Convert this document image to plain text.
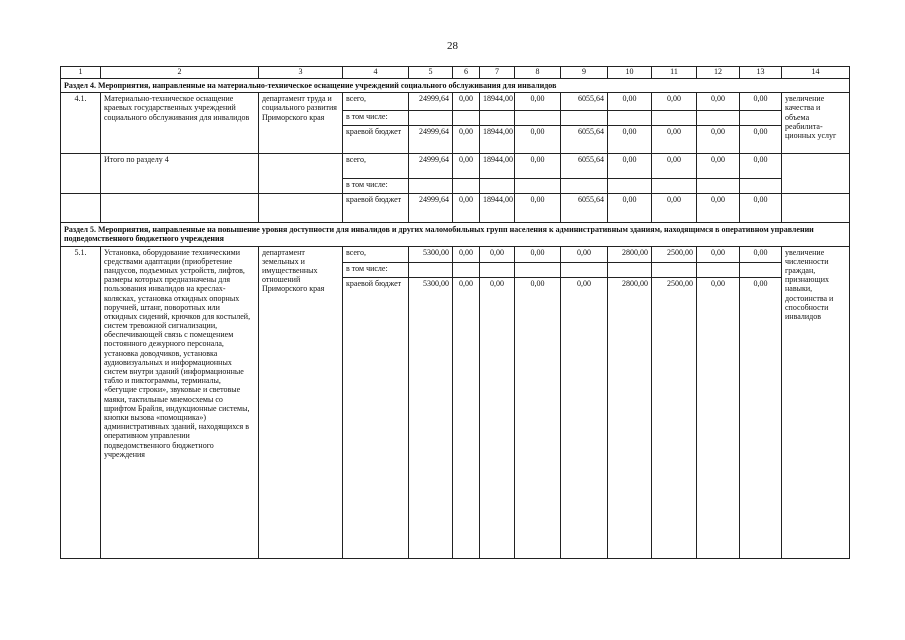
28
1	2	3	4	5	6	7	8	9	10	11	12	13	14
Раздел 4. Мероприятия, направленные на материально-техническое оснащение учреждений социального обслуживания для инвалидов													
4.1.	Материально-техническое оснащение краевых государственных учреждений социального обслуживания для инвалидов	департамент труда и социального развития Приморского края	всего,	24999,64	0,00	18944,00	0,00	6055,64	0,00	0,00	0,00	0,00	увеличение качества и объема реабилита-ционных услуг
			в том числе:										
			краевой бюджет	24999,64	0,00	18944,00	0,00	6055,64	0,00	0,00	0,00	0,00	
	Итого по разделу 4		всего,	24999,64	0,00	18944,00	0,00	6055,64	0,00	0,00	0,00	0,00	
			в том числе:										
			краевой бюджет	24999,64	0,00	18944,00	0,00	6055,64	0,00	0,00	0,00	0,00	
Раздел 5. Мероприятия, направленные на повышение уровня доступности для инвалидов и других маломобильных групп населения к административным зданиям, находящимся в оперативном управлении подведомственного бюджетного учреждения													
5.1.	Установка, оборудование техническими средствами адаптации (приобретение пандусов, подъемных устройств, лифтов, размеры которых предназначены для пользования инвалидов на креслах-колясках, установка откидных опорных поручней, штанг, поворотных или откидных сидений, крючков для костылей, систем тревожной сигнализации, обеспечивающей связь с помещением постоянного дежурного персонала, установка доводчиков, установка аудиовизуальных и информационных систем внутри зданий (информационные табло и пиктограммы, терминалы, «бегущие строки», звуковые и световые маяки, тактильные мнемосхемы со шрифтом Брайля, индукционные системы, кнопки вызова «помощника») административных зданий, находящихся в оперативном управлении подведомственного бюджетного учреждения	департамент земельных и имущественных отношений Приморского края	всего,	5300,00	0,00	0,00	0,00	0,00	2800,00	2500,00	0,00	0,00	увеличение численности граждан, признающих навыки, достоинства и способности инвалидов
			в том числе:										
			краевой бюджет	5300,00	0,00	0,00	0,00	0,00	2800,00	2500,00	0,00	0,00	
